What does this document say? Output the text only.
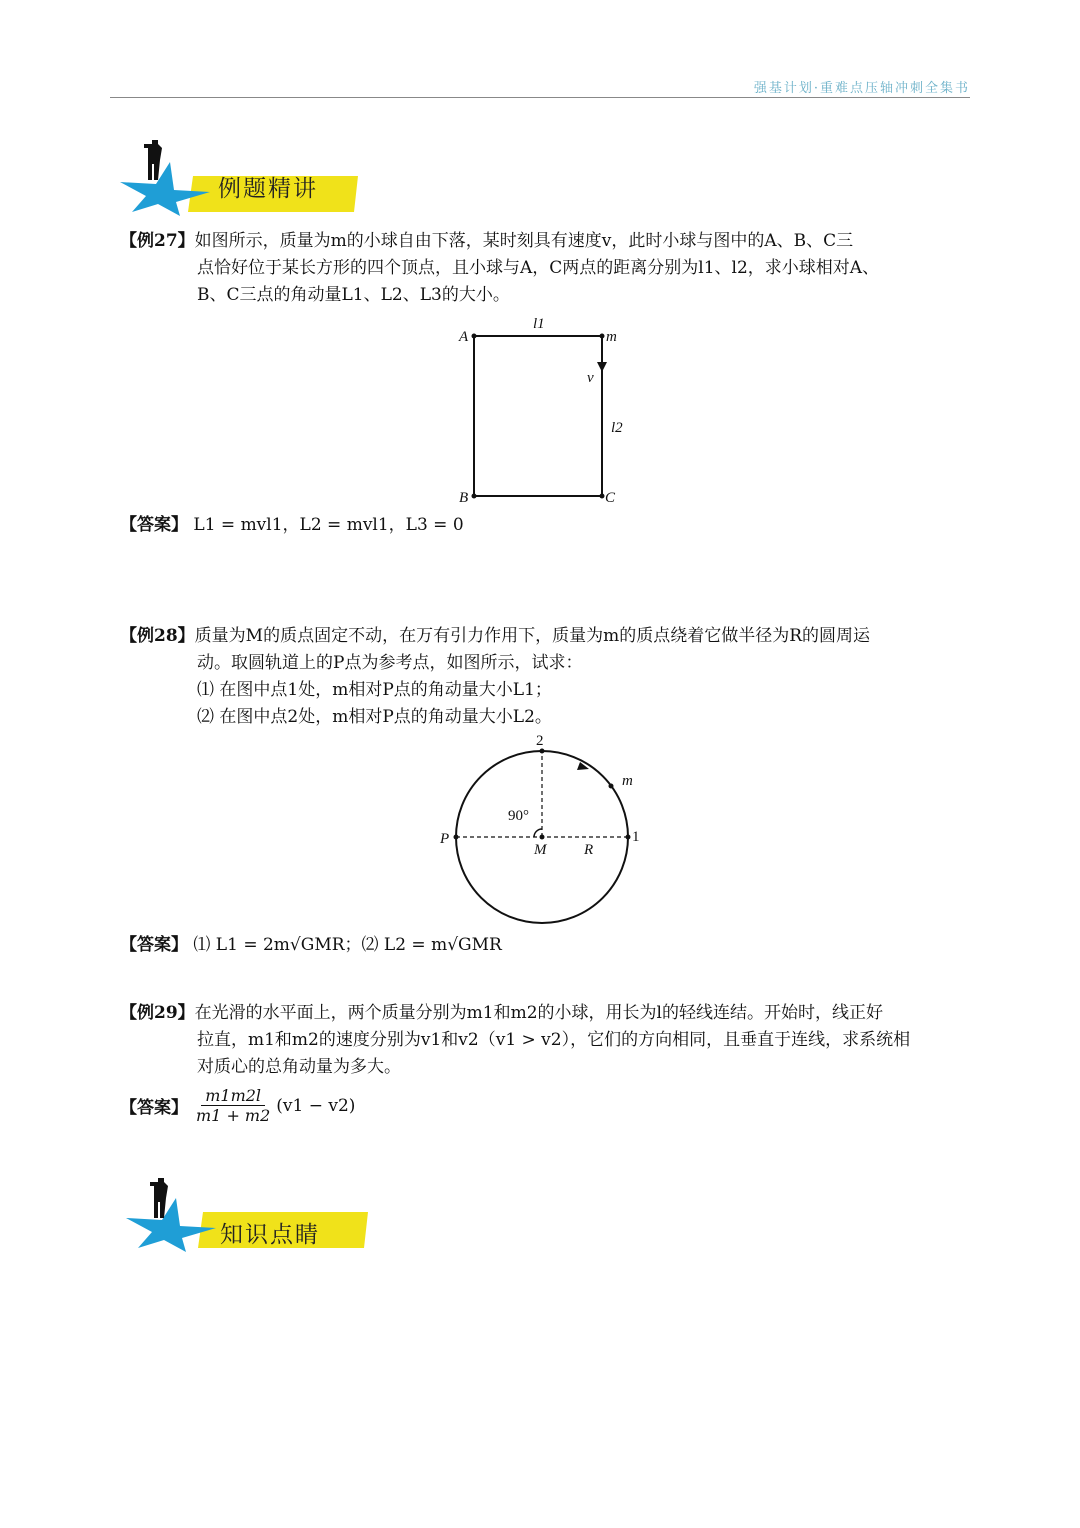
强基计划·重难点压轴冲刺全集书
例题精讲
【例27】如图所示，质量为m的小球自由下落，某时刻具有速度v，此时小球与图中的A、B、C三
点恰好位于某长方形的四个顶点，且小球与A，C两点的距离分别为l1、l2，求小球相对A、
B、C三点的角动量L1、L2、L3的大小。
A
l1
m
v
l2
B	C
【答案】 L1 = mvl1，L2 = mvl1，L3 = 0
【例28】质量为M的质点固定不动，在万有引力作用下，质量为m的质点绕着它做半径为R的圆周运
动。取圆轨道上的P点为参考点，如图所示，试求：
⑴ 在图中点1处，m相对P点的角动量大小L1；
⑵ 在图中点2处，m相对P点的角动量大小L2。
2
m
90°
P
M	R
1
【答案】 ⑴ L1 = 2m√GMR；⑵ L2 = m√GMR
【例29】在光滑的水平面上，两个质量分别为m1和m2的小球，用长为l的轻线连结。开始时，线正好
拉直，m1和m2的速度分别为v1和v2（v1 > v2），它们的方向相同，且垂直于连线，求系统相
对质心的总角动量为多大。
【答案】 $\frac{m1m2l}{m1 + m2} (v1 - v2)$
知识点睛
